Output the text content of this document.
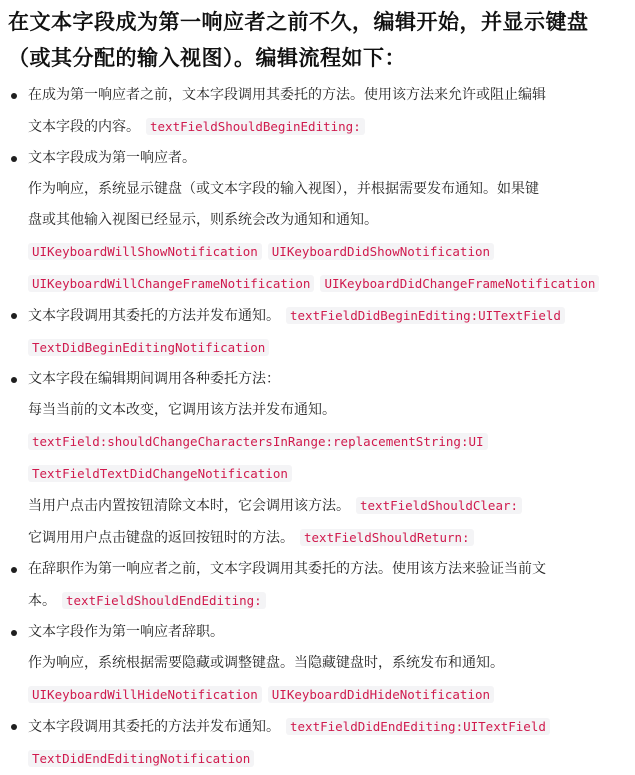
在文本字段成为第一响应者之前不久，编辑开始，并显示键盘
（或其分配的输入视图）。编辑流程如下：
在成为第一响应者之前，文本字段调用其委托的方法。使用该方法来允许或阻止编辑
文本字段的内容。 textFieldShouldBeginEditing:
文本字段成为第一响应者。
作为响应，系统显示键盘（或文本字段的输入视图），并根据需要发布通知。如果键
盘或其他输入视图已经显示，则系统会改为通知和通知。
UIKeyboardWillShowNotification UIKeyboardDidShowNotification
UIKeyboardWillChangeFrameNotification UIKeyboardDidChangeFrameNotification
文本字段调用其委托的方法并发布通知。 textFieldDidBeginEditing:UITextField
TextDidBeginEditingNotification
文本字段在编辑期间调用各种委托方法：
每当当前的文本改变，它调用该方法并发布通知。
textField:shouldChangeCharactersInRange:replacementString:UI
TextFieldTextDidChangeNotification
当用户点击内置按钮清除文本时，它会调用该方法。 textFieldShouldClear:
它调用用户点击键盘的返回按钮时的方法。 textFieldShouldReturn:
在辞职作为第一响应者之前，文本字段调用其委托的方法。使用该方法来验证当前文
本。 textFieldShouldEndEditing:
文本字段作为第一响应者辞职。
作为响应，系统根据需要隐藏或调整键盘。当隐藏键盘时，系统发布和通知。
UIKeyboardWillHideNotification UIKeyboardDidHideNotification
文本字段调用其委托的方法并发布通知。 textFieldDidEndEditing:UITextField
TextDidEndEditingNotification
